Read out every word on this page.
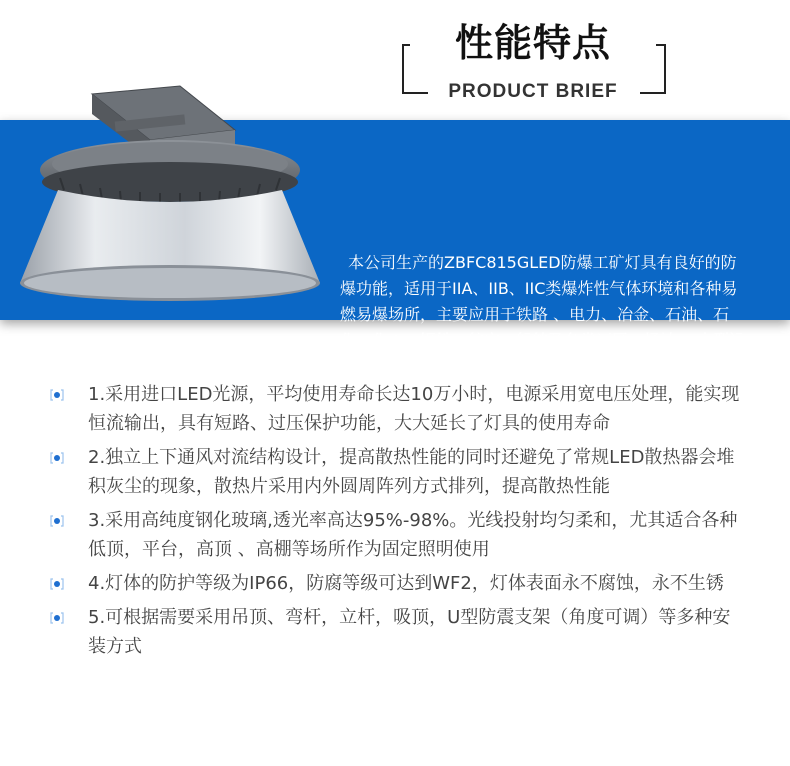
性能特点
PRODUCT BRIEF

本公司生产的ZBFC815GLED防爆工矿灯具有良好的防爆功能，适用于IIA、IIB、IIC类爆炸性气体环境和各种易燃易爆场所，主要应用于铁路 、电力、冶金、石油、石化、化工、钢铁、航空、船舶及各类厂区、场站 、大型设施、场馆等场所的高效照明

1.采用进口LED光源，平均使用寿命长达10万小时，电源采用宽电压处理，能实现恒流输出，具有短路、过压保护功能，大大延长了灯具的使用寿命
2.独立上下通风对流结构设计，提高散热性能的同时还避免了常规LED散热器会堆积灰尘的现象，散热片采用内外圆周阵列方式排列，提高散热性能
3.采用高纯度钢化玻璃,透光率高达95%-98%。光线投射均匀柔和，尤其适合各种低顶，平台，高顶 、高棚等场所作为固定照明使用
4.灯体的防护等级为IP66，防腐等级可达到WF2，灯体表面永不腐蚀，永不生锈
5.可根据需要采用吊顶、弯杆，立杆，吸顶，U型防震支架（角度可调）等多种安装方式
